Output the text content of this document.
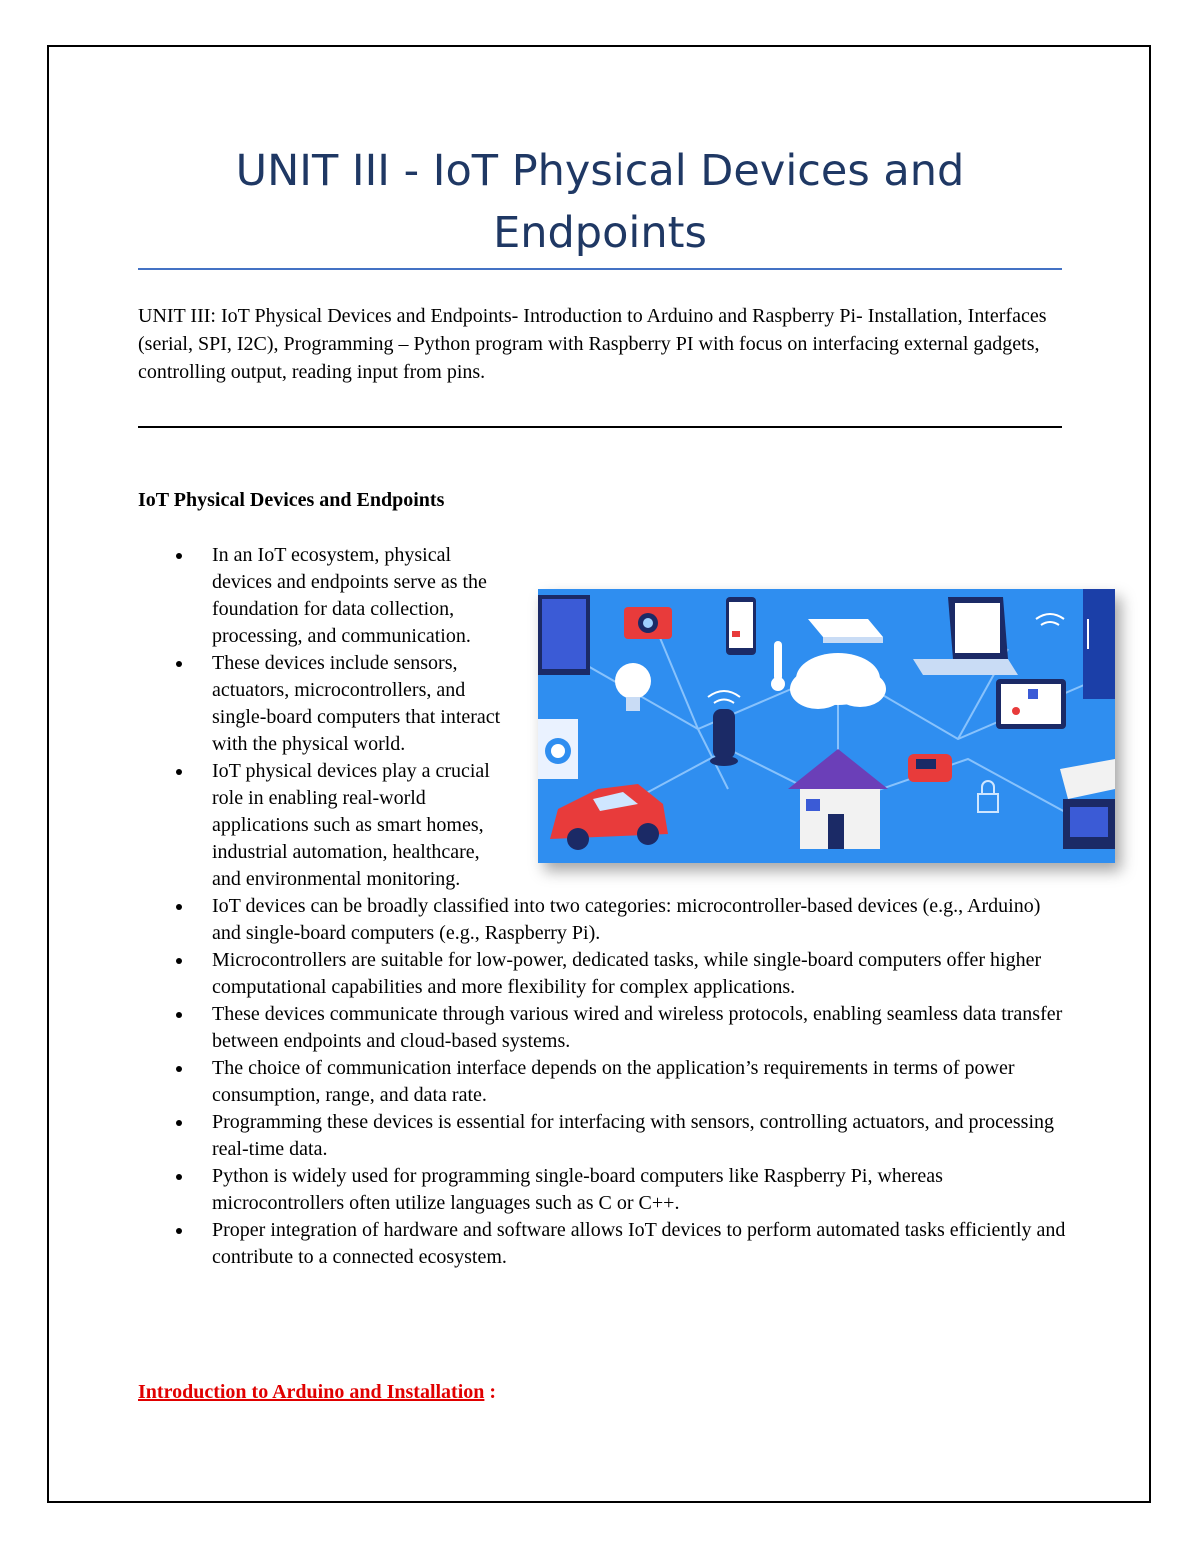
UNIT III - IoT Physical Devices and Endpoints

UNIT III: IoT Physical Devices and Endpoints- Introduction to Arduino and Raspberry Pi- Installation, Interfaces (serial, SPI, I2C), Programming – Python program with Raspberry PI with focus on interfacing external gadgets, controlling output, reading input from pins.

IoT Physical Devices and Endpoints
In an IoT ecosystem, physical devices and endpoints serve as the foundation for data collection, processing, and communication.
These devices include sensors, actuators, microcontrollers, and single-board computers that interact with the physical world.
IoT physical devices play a crucial role in enabling real-world applications such as smart homes, industrial automation, healthcare, and environmental monitoring.
IoT devices can be broadly classified into two categories: microcontroller-based devices (e.g., Arduino) and single-board computers (e.g., Raspberry Pi).
Microcontrollers are suitable for low-power, dedicated tasks, while single-board computers offer higher computational capabilities and more flexibility for complex applications.
These devices communicate through various wired and wireless protocols, enabling seamless data transfer between endpoints and cloud-based systems.
The choice of communication interface depends on the application’s requirements in terms of power consumption, range, and data rate.
Programming these devices is essential for interfacing with sensors, controlling actuators, and processing real-time data.
Python is widely used for programming single-board computers like Raspberry Pi, whereas microcontrollers often utilize languages such as C or C++.
Proper integration of hardware and software allows IoT devices to perform automated tasks efficiently and contribute to a connected ecosystem.

Introduction to Arduino and Installation :
